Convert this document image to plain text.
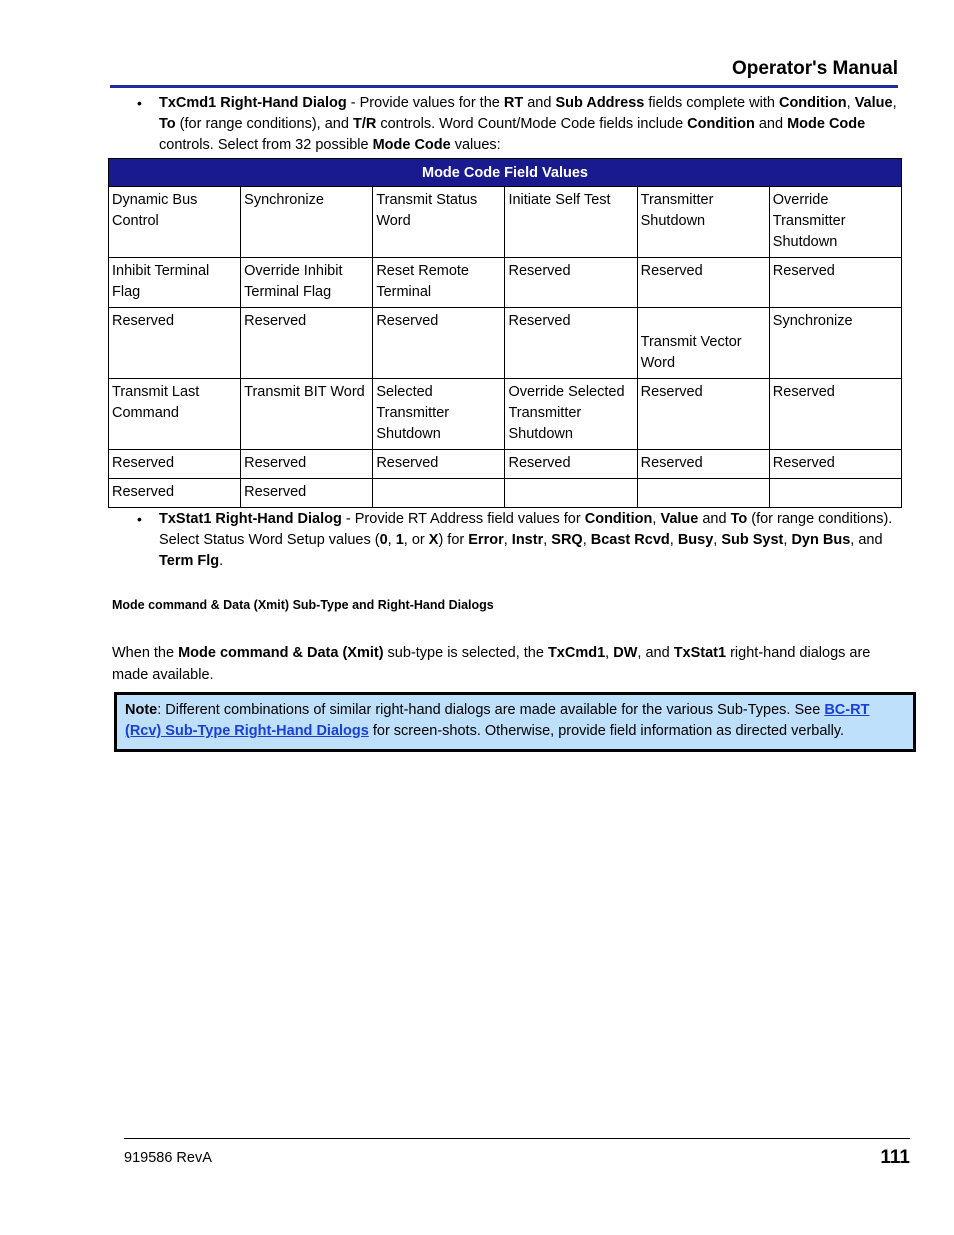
Operator's Manual
• TxCmd1 Right-Hand Dialog - Provide values for the RT and Sub Address fields complete with Condition, Value, To (for range conditions), and T/R controls. Word Count/Mode Code fields include Condition and Mode Code controls. Select from 32 possible Mode Code values:
Mode Code Field Values					
Dynamic Bus Control	Synchronize	Transmit Status Word	Initiate Self Test	Transmitter Shutdown	Override Transmitter Shutdown
Inhibit Terminal Flag	Override Inhibit Terminal Flag	Reset Remote Terminal	Reserved	Reserved	Reserved
Reserved	Reserved	Reserved	Reserved	Transmit Vector Word	Synchronize
Transmit Last Command	Transmit BIT Word	Selected Transmitter Shutdown	Override Selected Transmitter Shutdown	Reserved	Reserved
Reserved	Reserved	Reserved	Reserved	Reserved	Reserved
Reserved	Reserved				
• TxStat1 Right-Hand Dialog - Provide RT Address field values for Condition, Value and To (for range conditions). Select Status Word Setup values (0, 1, or X) for Error, Instr, SRQ, Bcast Rcvd, Busy, Sub Syst, Dyn Bus, and Term Flg.
Mode command & Data (Xmit) Sub-Type and Right-Hand Dialogs
When the Mode command & Data (Xmit) sub-type is selected, the TxCmd1, DW, and TxStat1 right-hand dialogs are made available.
Note: Different combinations of similar right-hand dialogs are made available for the various Sub-Types. See BC-RT (Rcv) Sub-Type Right-Hand Dialogs for screen-shots. Otherwise, provide field information as directed verbally.
919586 RevA	111
